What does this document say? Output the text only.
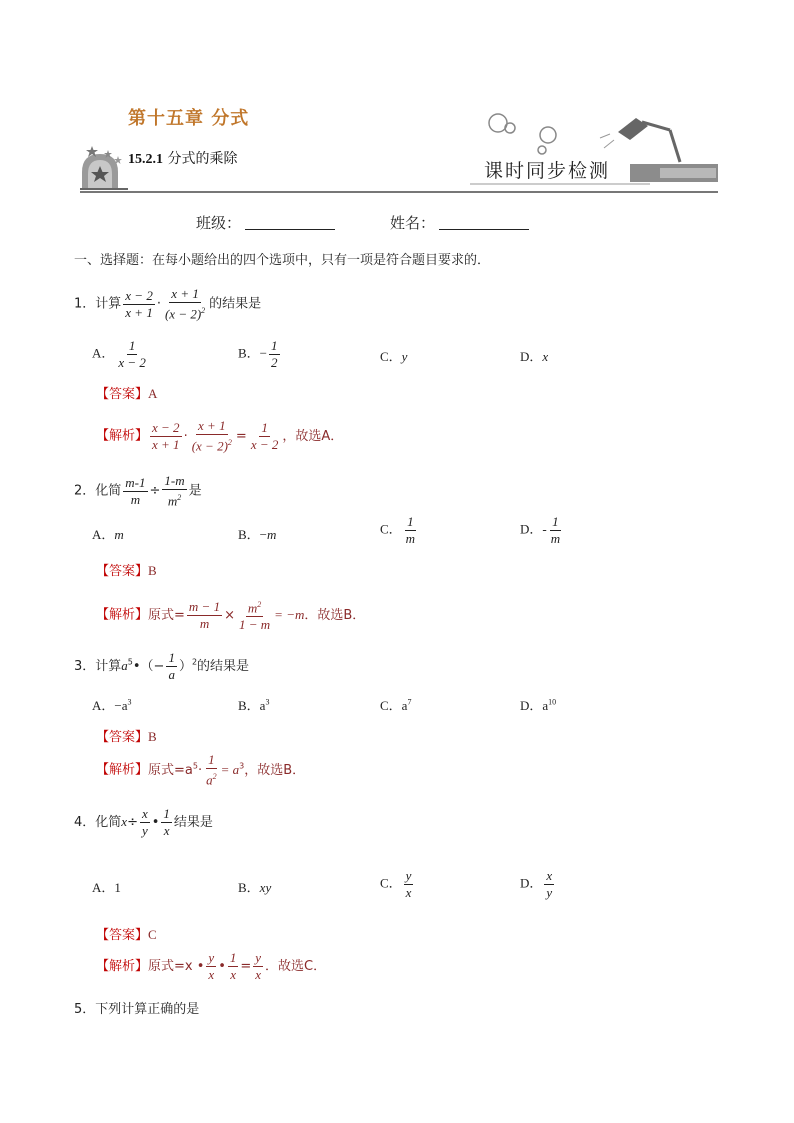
第十五章 分式
15.2.1 分式的乘除
课时同步检测
班级：	姓名：
一、选择题：在每小题给出的四个选项中，只有一项是符合题目要求的．
1．计算 $\frac{x - 2}{x + 1} \cdot \frac{x + 1}{(x - 2)^2}$ 的结果是
A． $\frac{1}{x - 2}$	B．− $\frac{1}{2}$	C．y	D．x
【答案】A
【解析】 $\frac{x - 2}{x + 1} \cdot \frac{x + 1}{(x - 2)^2} = \frac{1}{x - 2}$ ，故选A．
2．化简 $\frac{m-1}{m} \div \frac{1-m}{m^2}$ 是
A．m	B．−m	C． $\frac{1}{m}$	D．- $\frac{1}{m}$
【答案】B
【解析】原式= $\frac{m - 1}{m} \times \frac{m^2}{1 - m} = -m$．故选B．
3．计算$a^5•(- \frac{1}{a} )^2$的结果是
A．$-a^3$	B．$a^3$	C．$a^7$	D．$a^{10}$
【答案】B
【解析】原式$=a^5\cdot \frac{1}{a^2} = a^3$，故选B．
4．化简$x\div \frac{x}{y}$ • $\frac{1}{x}$ 结果是
A．1	B．xy	C． $\frac{y}{x}$	D． $\frac{x}{y}$
【答案】C
【解析】原式=x • $\frac{y}{x}$ • $\frac{1}{x} = \frac{y}{x}$ ．故选C．
5．下列计算正确的是
